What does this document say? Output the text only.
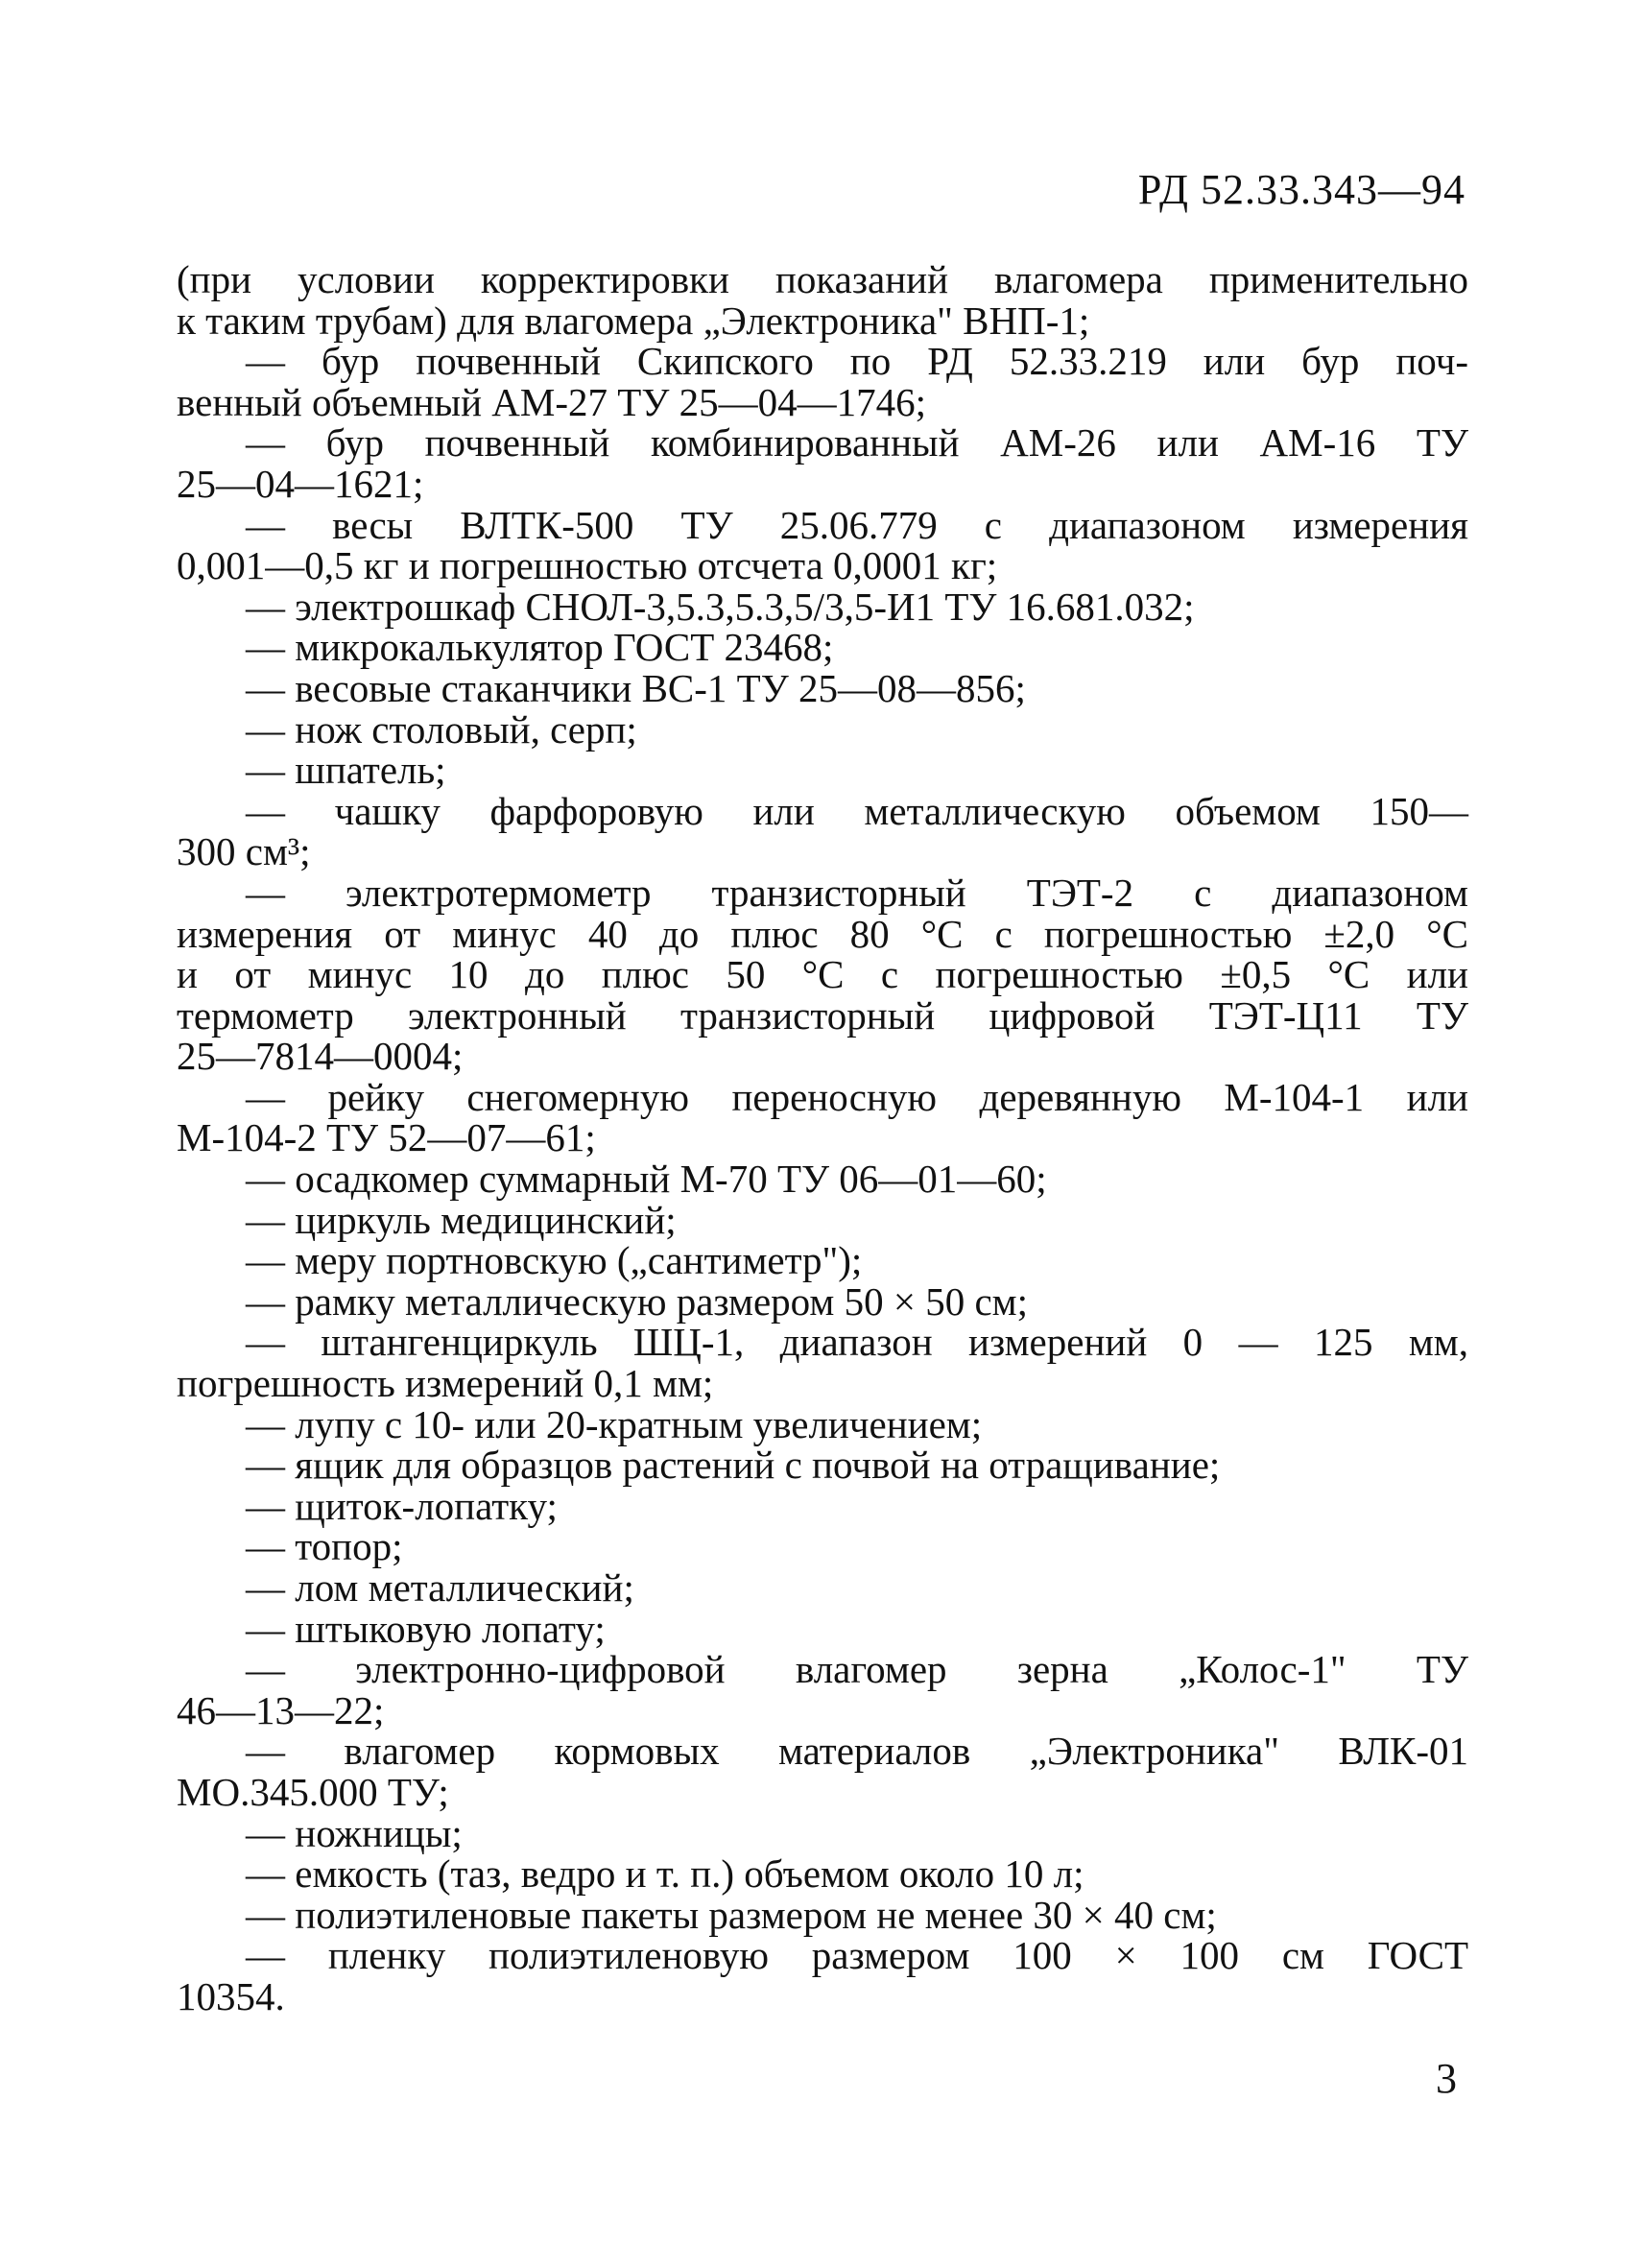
РД 52.33.343—94
(при условии корректировки показаний влагомера применительно
к таким трубам) для влагомера „Электроника" ВНП-1;
— бур почвенный Скипского по РД 52.33.219 или бур поч-
венный объемный АМ-27 ТУ 25—04—1746;
— бур почвенный комбинированный АМ-26 или АМ-16 ТУ
25—04—1621;
— весы ВЛТК-500 ТУ 25.06.779 с диапазоном измерения
0,001—0,5 кг и погрешностью отсчета 0,0001 кг;
— электрошкаф СНОЛ-3,5.3,5.3,5/3,5-И1 ТУ 16.681.032;
— микрокалькулятор ГОСТ 23468;
— весовые стаканчики ВС-1 ТУ 25—08—856;
— нож столовый, серп;
— шпатель;
— чашку фарфоровую или металлическую объемом 150—
300 см³;
— электротермометр транзисторный ТЭТ-2 с диапазоном
измерения от минус 40 до плюс 80 °С с погрешностью ±2,0 °С
и от минус 10 до плюс 50 °С с погрешностью ±0,5 °С или
термометр электронный транзисторный цифровой ТЭТ-Ц11 ТУ
25—7814—0004;
— рейку снегомерную переносную деревянную М-104-1 или
М-104-2 ТУ 52—07—61;
— осадкомер суммарный М-70 ТУ 06—01—60;
— циркуль медицинский;
— меру портновскую („сантиметр");
— рамку металлическую размером 50 × 50 см;
— штангенциркуль ШЦ-1, диапазон измерений 0 — 125 мм,
погрешность измерений 0,1 мм;
— лупу с 10- или 20-кратным увеличением;
— ящик для образцов растений с почвой на отращивание;
— щиток-лопатку;
— топор;
— лом металлический;
— штыковую лопату;
— электронно-цифровой влагомер зерна „Колос-1" ТУ
46—13—22;
— влагомер кормовых материалов „Электроника" ВЛК-01
МО.345.000 ТУ;
— ножницы;
— емкость (таз, ведро и т. п.) объемом около 10 л;
— полиэтиленовые пакеты размером не менее 30 × 40 см;
— пленку полиэтиленовую размером 100 × 100 см ГОСТ
10354.
3
